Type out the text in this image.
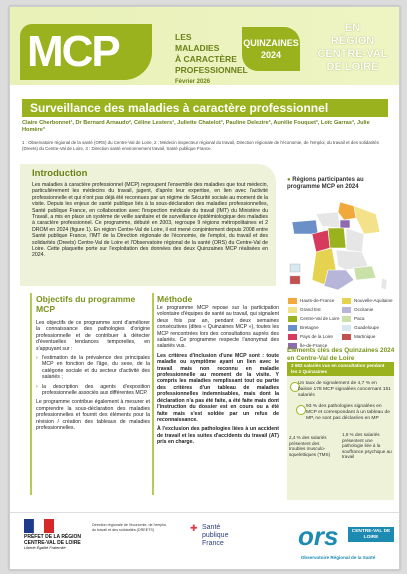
MCP	LES
MALADIES
À CARACTÈRE
PROFESSIONNEL
Février 2026
QUINZAINES 2024
EN
RÉGION
CENTRE-VAL
DE LOIRE
Surveillance des maladies à caractère professionnel
Claire Cherbonnet¹, Dr Bernard Arnaudo², Céline Lesters¹, Juliette Chatelot³, Pauline Delezire³, Aurélie Fouquet³, Loïc Garras³, Julie Homère³
1 : Observatoire régional de la santé (ORS) du Centre-Val de Loire, 2 : Médecin inspecteur régional du travail, Direction régionale de l'économie, de l'emploi, du travail et des solidarités (Dreets) du Centre-Val de Loire, 3 : Direction santé environnement travail, Santé publique France.
Introduction
Les maladies à caractère professionnel (MCP) regroupent l'ensemble des maladies que tout médecin, particulièrement les médecins du travail, jugent, d'après leur expertise, en lien avec l'activité professionnelle et qui n'ont pas déjà été reconnues par un régime de Sécurité sociale au moment de la visite. Depuis les enjeux de santé publique liés à la sous-déclaration des maladies professionnelles, Santé publique France, en collaboration avec l'inspection médicale du travail (IMT) du Ministère du Travail, a mis en place un système de veille sanitaire et de surveillance épidémiologique des maladies à caractère professionnel. Ce programme, débuté en 2003, regroupe 9 régions métropolitaines et 2 DROM en 2024 (figure 1). En région Centre-Val de Loire, il est mené conjointement depuis 2008 entre Santé publique France, l'IMT de la Direction régionale de l'économie, de l'emploi, du travail et des solidarités (Dreets) Centre-Val de Loire et l'Observatoire régional de la santé (ORS) du Centre-Val de Loire. Cette plaquette porte sur l'exploitation des données des deux Quinzaines MCP réalisées en 2024.
● Régions participantes au programme MCP en 2024
Hauts-de-France	Nouvelle-Aquitaine
Grand Est	Occitanie
Centre-Val de Loire	Paca
Bretagne	Guadeloupe
Pays de la Loire	Martinique
Île-de-France
Objectifs du programme MCP

Les objectifs de ce programme sont d'améliorer la connaissance des pathologies d'origine professionnelle et de contribuer à détecter d'éventuelles tendances temporelles, en s'appuyant sur :

› l'estimation de la prévalence des principales MCP en fonction de l'âge, du sexe, de la catégorie sociale et du secteur d'activité des salariés ;

› la description des agents d'exposition professionnelle associés aux différentes MCP.

Le programme contribue également à mesurer et comprendre la sous-déclaration des maladies professionnelles et fournit des éléments pour la révision / création des tableaux de maladies professionnelles.

Méthode

Le programme MCP repose sur la participation volontaire d'équipes de santé au travail, qui signalent deux fois par an, pendant deux semaines consécutives (dites « Quinzaines MCP »), toutes les MCP rencontrées lors des consultations auprès des salariés. Ce programme respecte l'anonymat des salariés vus.

Les critères d'inclusion d'une MCP sont : toute maladie ou symptôme ayant un lien avec le travail mais non reconnu en maladie professionnelle au moment de la visite. Y compris les maladies remplissant tout ou partie des critères d'un tableau de maladies professionnelles indemnisables, mais dont la déclaration n'a pas été faite, a été faite mais dont l'instruction du dossier est en cours ou a été faite mais s'est soldée par un refus de reconnaissance.

À l'exclusion des pathologies liées à un accident de travail et les suites d'accidents du travail (AT) pris en charge.

Éléments clés des Quinzaines 2024 en Centre-Val de Loire
2 982 salariés vus en consultation pendant les 2 Quinzaines
Un taux de signalement de 4,7 % en baisse 178 MCP signalées concernant 151 salariés
93 % des pathologies signalées en MCP et correspondant à un tableau de MP, ne sont pas déclarées en MP
2,4 % des salariés présentent des troubles musculo-squelettiques (TMS)
1,8 % des salariés présentent une pathologie liée à la souffrance psychique au travail
PRÉFET DE LA RÉGION CENTRE-VAL DE LOIRE
Liberté Égalité Fraternité
Direction régionale de l'économie, de l'emploi, du travail et des solidarités (DREETS)	✚ Santé
publique
France	ors	CENTRE-VAL DE LOIRE
Observatoire Régional de la Santé
